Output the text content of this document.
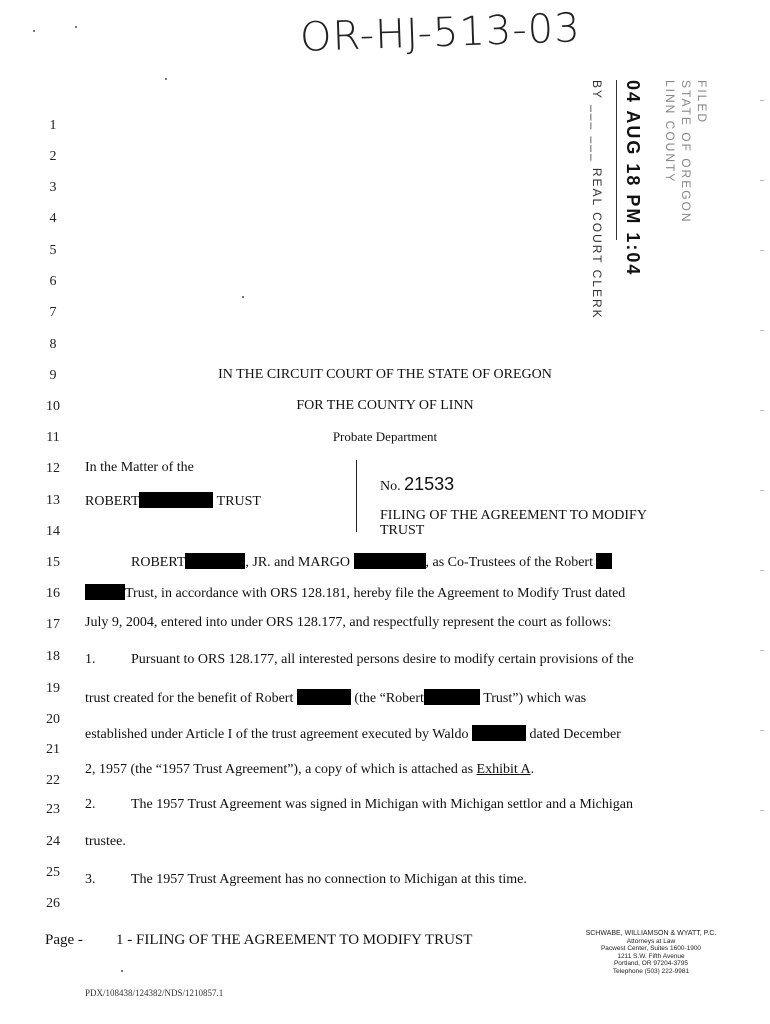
OR-HJ-513-03
BY ___ ___ REAL COURT CLERK 04 AUG 18 PM 1:04	FILED
STATE OF OREGON
LINN COUNTY
1
2
3
4
5
6
7
8
9
10
11
12
13
14
15
16
17
18
19
20
21
22
23
24
25
26
IN THE CIRCUIT COURT OF THE STATE OF OREGON
FOR THE COUNTY OF LINN
Probate Department
In the Matter of the
ROBERT	TRUST
No. 21533
FILING OF THE AGREEMENT TO MODIFY
TRUST
ROBERT	, JR. and MARGO	, as Co-Trustees of the Robert
Trust, in accordance with ORS 128.181, hereby file the Agreement to Modify Trust dated
July 9, 2004, entered into under ORS 128.177, and respectfully represent the court as follows:
1.	Pursuant to ORS 128.177, all interested persons desire to modify certain provisions of the
trust created for the benefit of Robert	(the “Robert	Trust”) which was
established under Article I of the trust agreement executed by Waldo	dated December
2, 1957 (the “1957 Trust Agreement”), a copy of which is attached as Exhibit A.
2.	The 1957 Trust Agreement was signed in Michigan with Michigan settlor and a Michigan
trustee.
3.	The 1957 Trust Agreement has no connection to Michigan at this time.
Page - 1 - FILING OF THE AGREEMENT TO MODIFY TRUST	SCHWABE, WILLIAMSON & WYATT, P.C.
Attorneys at Law
Pacwest Center, Suites 1600-1900
1211 S.W. Fifth Avenue
Portland, OR 97204-3795
Telephone (503) 222-9981
PDX/108438/124382/NDS/1210857.1
